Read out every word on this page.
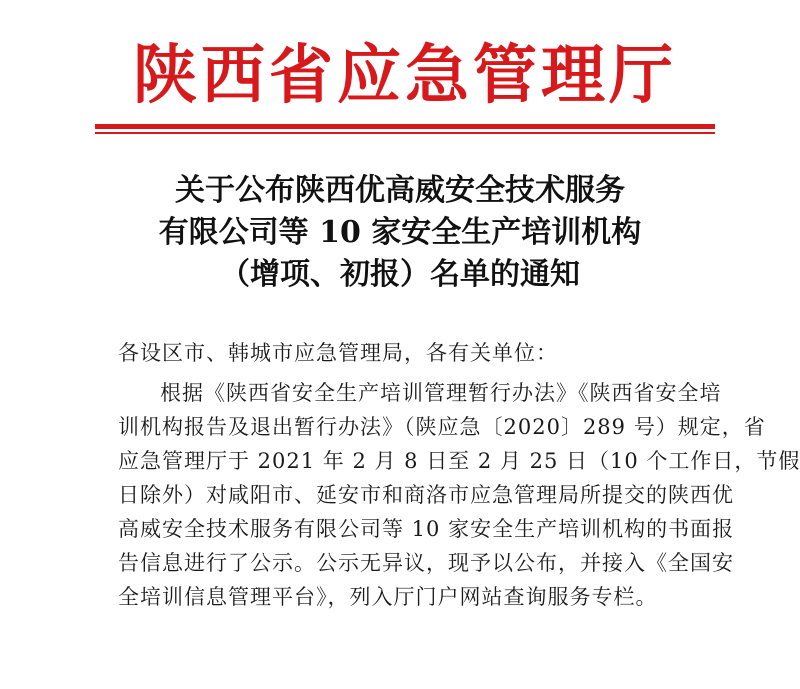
陕西省应急管理厅
关于公布陕西优高威安全技术服务
有限公司等 10 家安全生产培训机构
（增项、初报）名单的通知
各设区市、韩城市应急管理局，各有关单位：
根据《陕西省安全生产培训管理暂行办法》《陕西省安全培
训机构报告及退出暂行办法》（陕应急〔2020〕289 号）规定，省
应急管理厅于 2021 年 2 月 8 日至 2 月 25 日（10 个工作日，节假
日除外）对咸阳市、延安市和商洛市应急管理局所提交的陕西优
高威安全技术服务有限公司等 10 家安全生产培训机构的书面报
告信息进行了公示。公示无异议，现予以公布，并接入《全国安
全培训信息管理平台》，列入厅门户网站查询服务专栏。
